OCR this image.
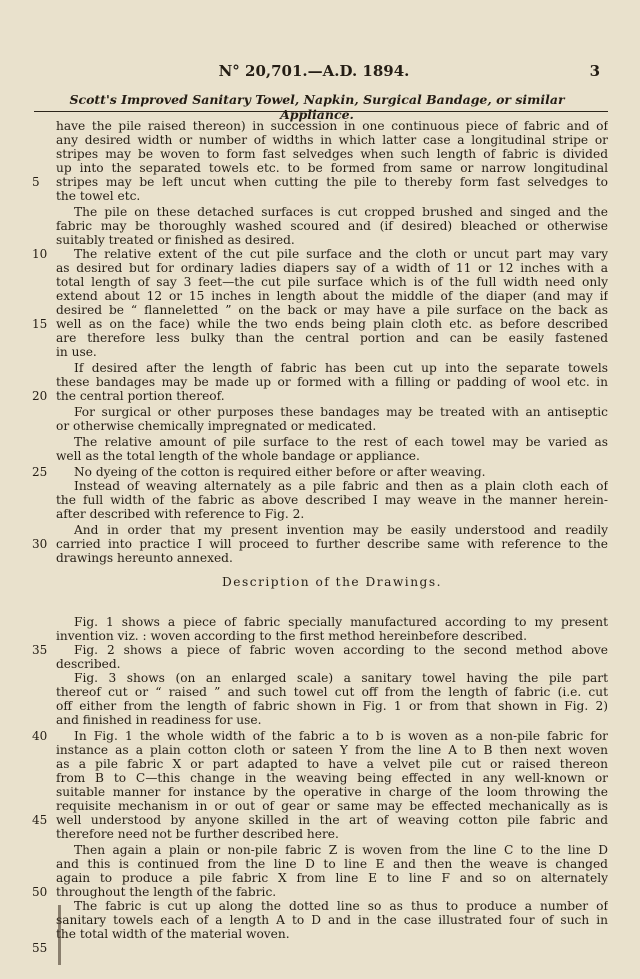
N° 20,701.—A.D. 1894.	3
Scott's Improved Sanitary Towel, Napkin, Surgical Bandage, or similar Appliance.
have the pile raised thereon) in succession in one continuous piece of fabric and of
any desired width or number of widths in which latter case a longitudinal stripe or
stripes may be woven to form fast selvedges when such length of fabric is divided
up into the separated towels etc. to be formed from same or narrow longitudinal
stripes may be left uncut when cutting the pile to thereby form fast selvedges to
the towel etc.
The pile on these detached surfaces is cut cropped brushed and singed and the
fabric may be thoroughly washed scoured and (if desired) bleached or otherwise
suitably treated or finished as desired.
The relative extent of the cut pile surface and the cloth or uncut part may vary
as desired but for ordinary ladies diapers say of a width of 11 or 12 inches with a
total length of say 3 feet—the cut pile surface which is of the full width need only
extend about 12 or 15 inches in length about the middle of the diaper (and may if
desired be “ flanneletted ” on the back or may have a pile surface on the back as
well as on the face) while the two ends being plain cloth etc. as before described
are therefore less bulky than the central portion and can be easily fastened
in use.
If desired after the length of fabric has been cut up into the separate towels
these bandages may be made up or formed with a filling or padding of wool etc. in
the central portion thereof.
For surgical or other purposes these bandages may be treated with an antiseptic
or otherwise chemically impregnated or medicated.
The relative amount of pile surface to the rest of each towel may be varied as
well as the total length of the whole bandage or appliance.
No dyeing of the cotton is required either before or after weaving.
Instead of weaving alternately as a pile fabric and then as a plain cloth each of
the full width of the fabric as above described I may weave in the manner herein-
after described with reference to Fig. 2.
And in order that my present invention may be easily understood and readily
carried into practice I will proceed to further describe same with reference to the
drawings hereunto annexed.
Fig. 1 shows a piece of fabric specially manufactured according to my present
invention viz. : woven according to the first method hereinbefore described.
Fig. 2 shows a piece of fabric woven according to the second method above
described.
Fig. 3 shows (on an enlarged scale) a sanitary towel having the pile part
thereof cut or “ raised ” and such towel cut off from the length of fabric (i.e. cut
off either from the length of fabric shown in Fig. 1 or from that shown in Fig. 2)
and finished in readiness for use.
In Fig. 1 the whole width of the fabric a to b is woven as a non-pile fabric for
instance as a plain cotton cloth or sateen Y from the line A to B then next woven
as a pile fabric X or part adapted to have a velvet pile cut or raised thereon
from B to C—this change in the weaving being effected in any well-known or
suitable manner for instance by the operative in charge of the loom throwing the
requisite mechanism in or out of gear or same may be effected mechanically as is
well understood by anyone skilled in the art of weaving cotton pile fabric and
therefore need not be further described here.
Then again a plain or non-pile fabric Z is woven from the line C to the line D
and this is continued from the line D to line E and then the weave is changed
again to produce a pile fabric X from line E to line F and so on alternately
throughout the length of the fabric.
The fabric is cut up along the dotted line so as thus to produce a number of
sanitary towels each of a length A to D and in the case illustrated four of such in
the total width of the material woven.
Description of the Drawings.
5
10
15
20
25
30
35
40
45
50
55
